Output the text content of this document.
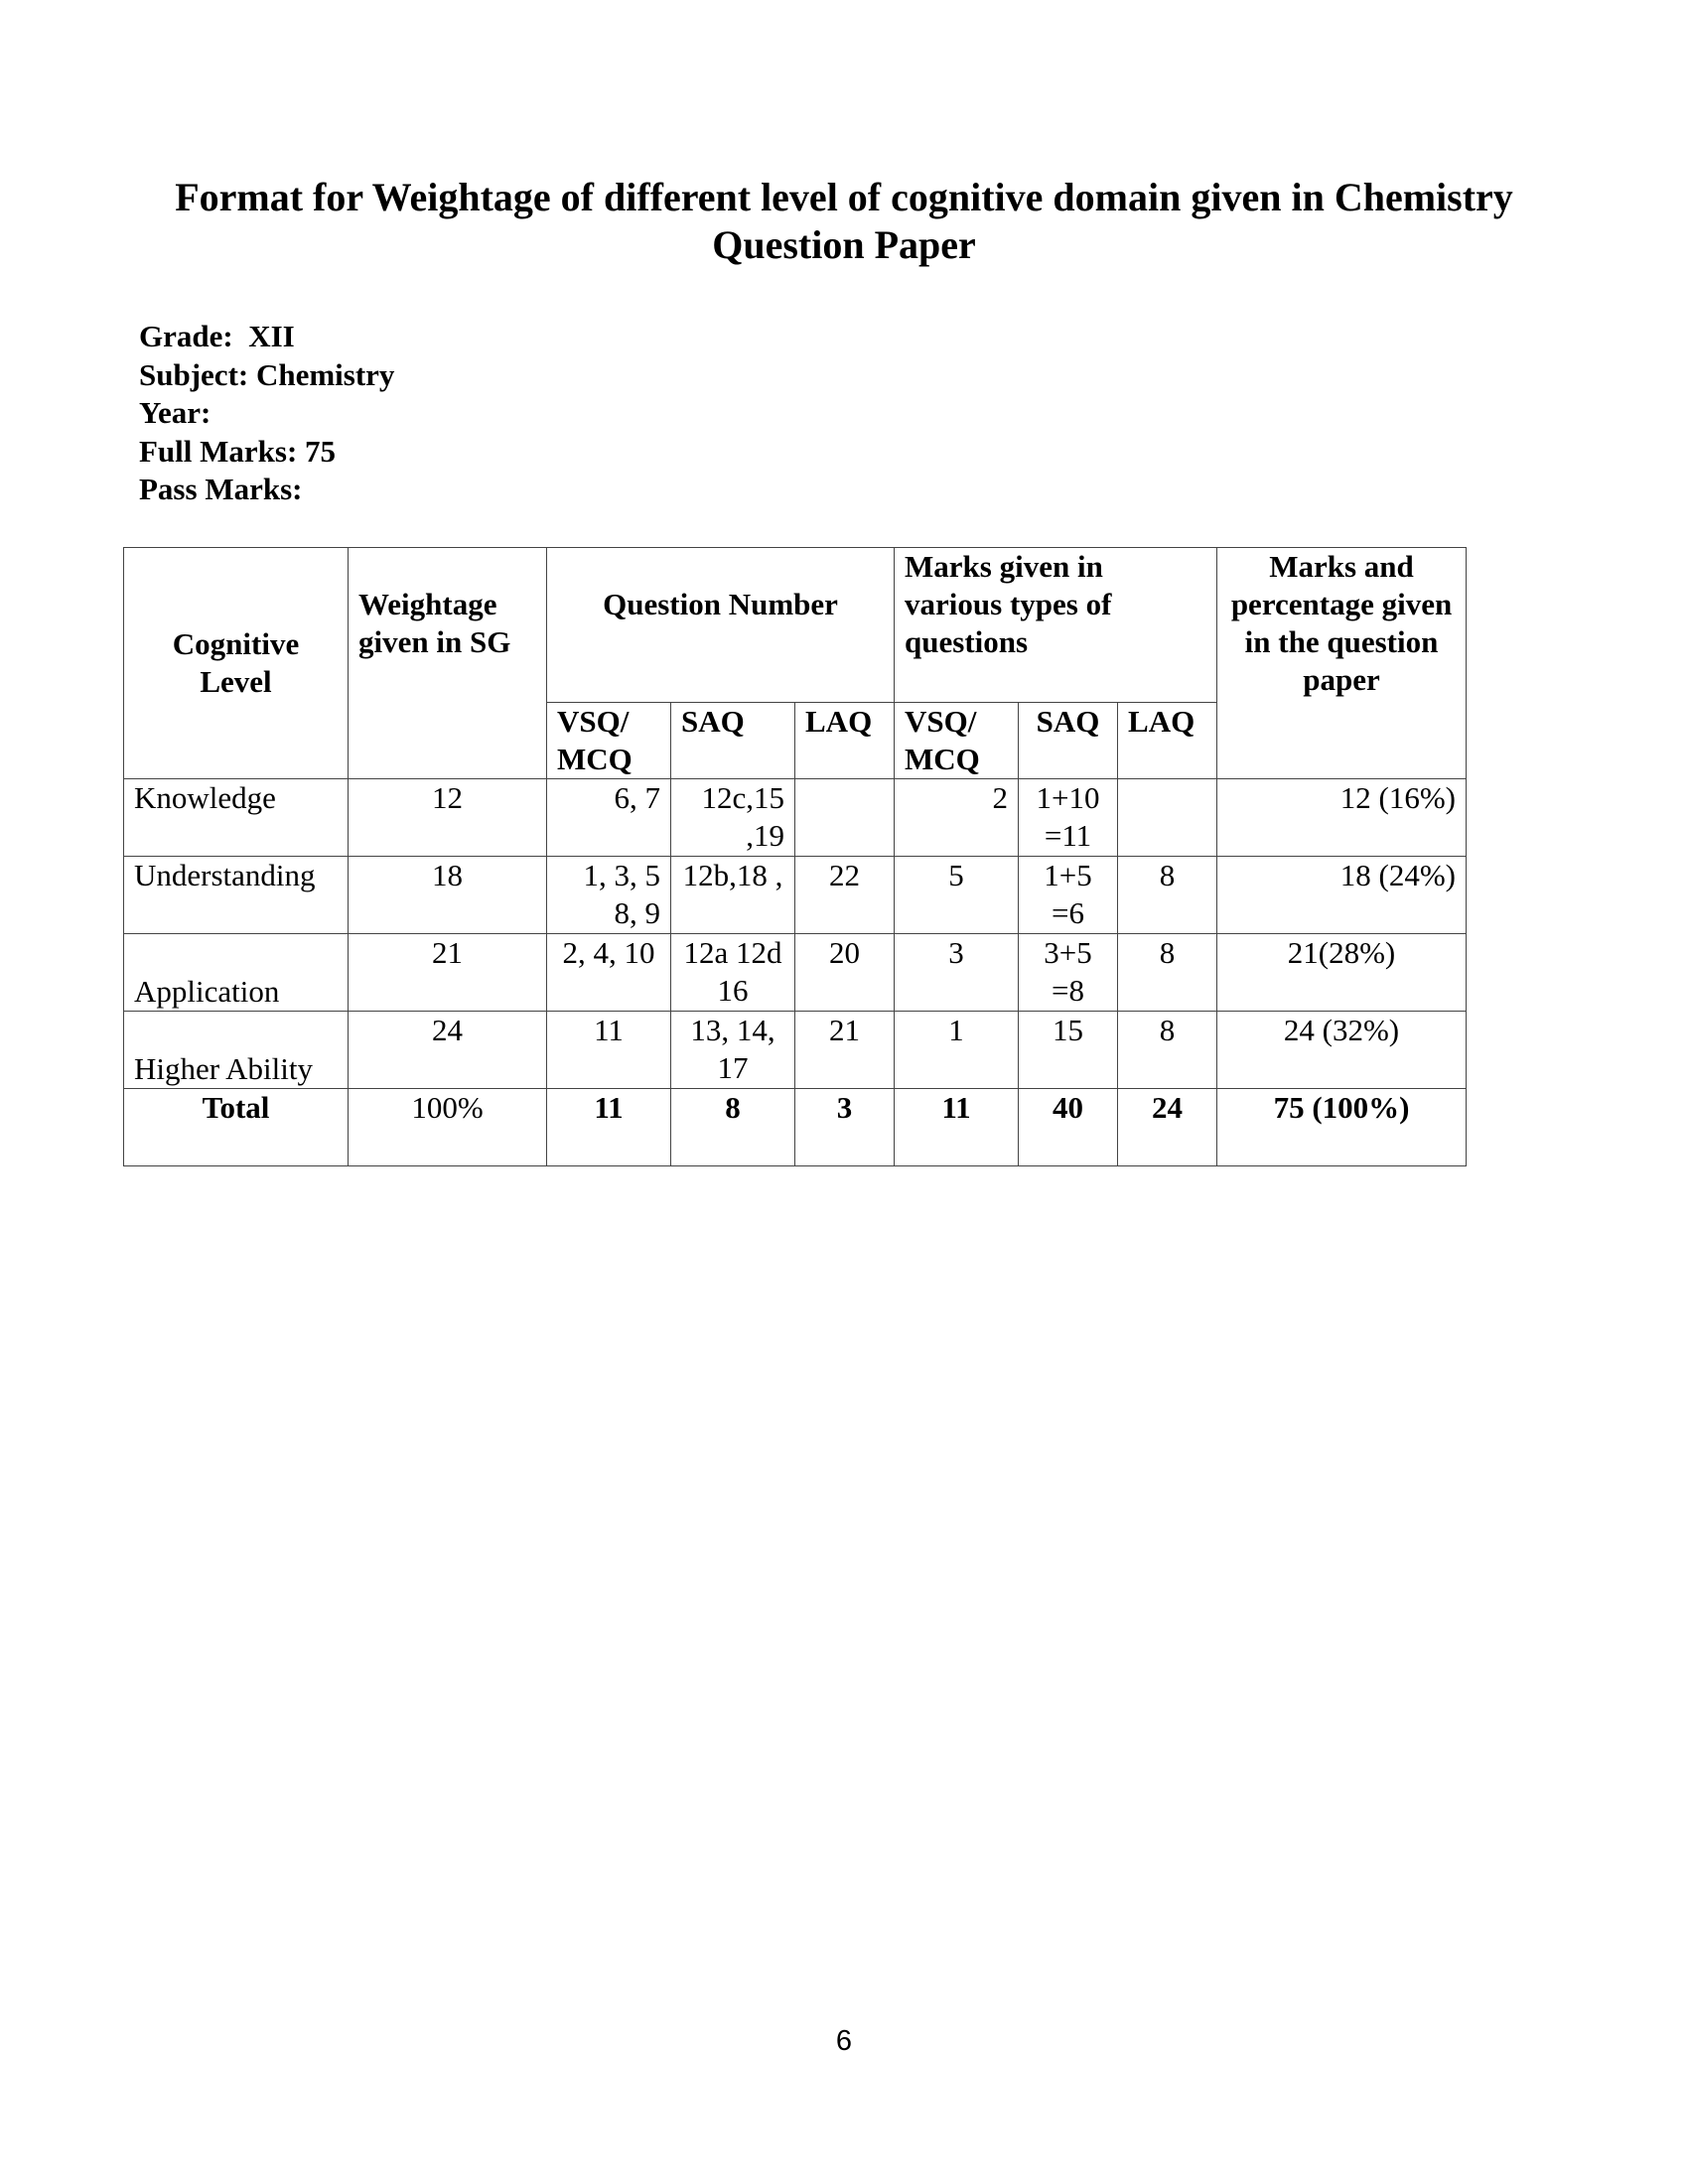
Format for Weightage of different level of cognitive domain given in Chemistry
Question Paper
Grade:  XII
Subject: Chemistry
Year:
Full Marks: 75
Pass Marks:
Cognitive Level	Weightage given in SG	Question Number			Marks given in various types of questions			Marks and percentage given in the question paper
		VSQ/ MCQ	SAQ	LAQ	VSQ/ MCQ	SAQ	LAQ	
Knowledge	12	6, 7	12c,15 ,19		2	1+10 =11		12 (16%)
Understanding	18	1, 3, 5 8, 9	12b,18 ,	22	5	1+5 =6	8	18 (24%)
Application	21	2, 4, 10	12a 12d 16	20	3	3+5 =8	8	21(28%)
Higher Ability	24	11	13, 14, 17	21	1	15	8	24 (32%)
Total	100%	11	8	3	11	40	24	75 (100%)
6
